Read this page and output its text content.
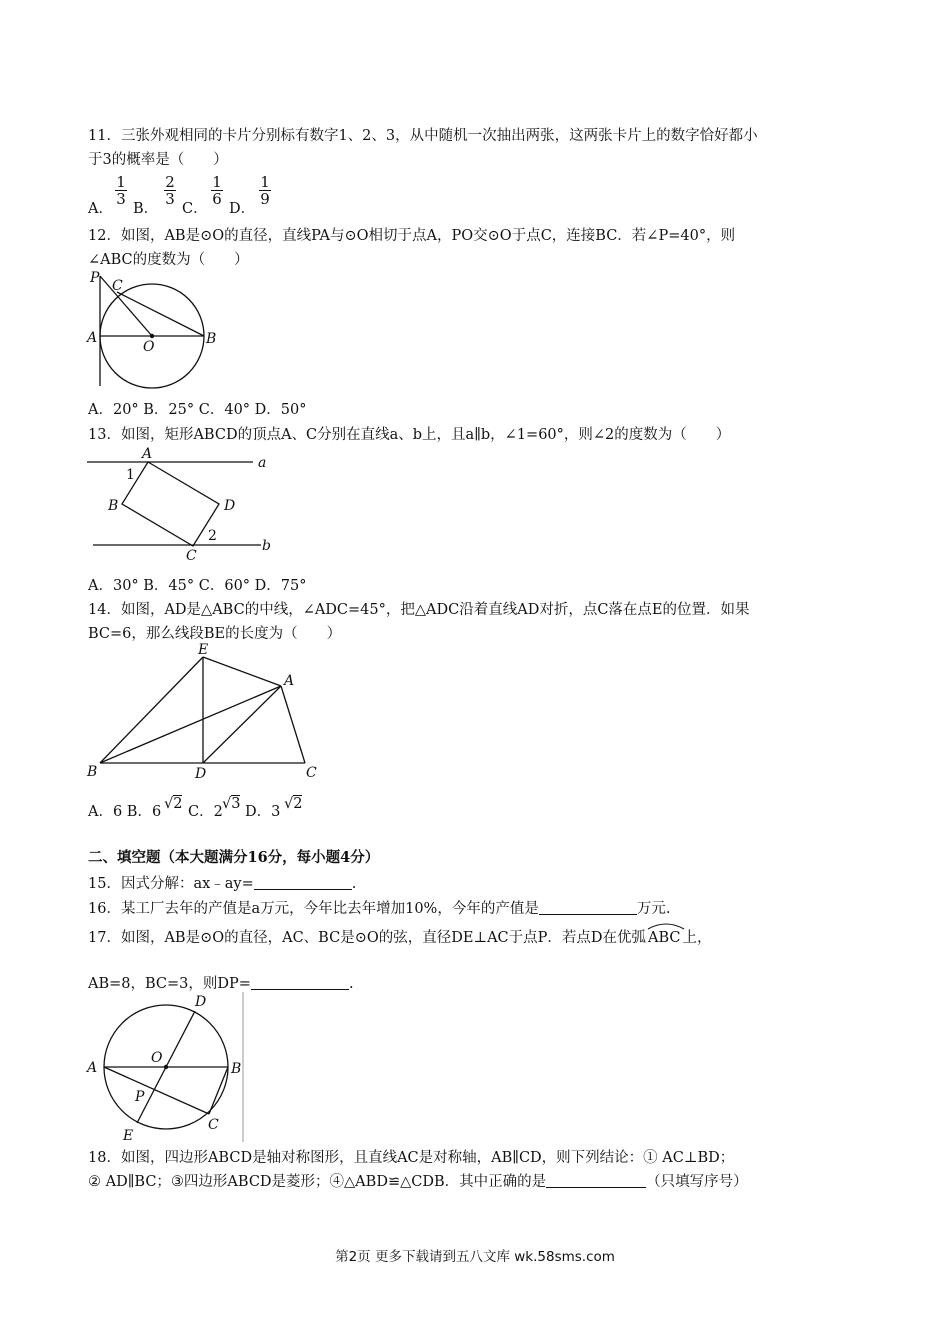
11．三张外观相同的卡片分别标有数字1、2、3，从中随机一次抽出两张，这两张卡片上的数字恰好都小
于3的概率是（　　）
A．
1
3
B．
2
3
C．
1
6
D．
1
9
12．如图，AB是⊙O的直径，直线PA与⊙O相切于点A，PO交⊙O于点C，连接BC．若∠P=40°，则
∠ABC的度数为（　　）
P C
A
O	B
A．20° B．25° C．40° D．50°
13．如图，矩形ABCD的顶点A、C分别在直线a、b上，且a∥b，∠1=60°，则∠2的度数为（　　）
A
1
B	D
2
C
a
b
A．30° B．45° C．60° D．75°
14．如图，AD是△ABC的中线，∠ADC=45°，把△ADC沿着直线AD对折，点C落在点E的位置．如果
BC=6，那么线段BE的长度为（　　）
E
A
B	D	C
A．6 B．6 √2 C．2 √3 D．3 √2
二、填空题（本大题满分16分，每小题4分）
15．因式分解：ax﹣ay=	.
16．某工厂去年的产值是a万元，今年比去年增加10%，今年的产值是	万元.
17．如图，AB是⊙O的直径，AC、BC是⊙O的弦，直径DE⊥AC于点P．若点D在优弧 ABC 上，
AB=8，BC=3，则DP=	.
D
A
O
B
P
C
E
18．如图，四边形ABCD是轴对称图形，且直线AC是对称轴，AB∥CD，则下列结论：① AC⊥BD；
② AD∥BC；③四边形ABCD是菱形；④△ABD≌△CDB．其中正确的是	（只填写序号）
第2页 更多下载请到五八文库 wk.58sms.com
